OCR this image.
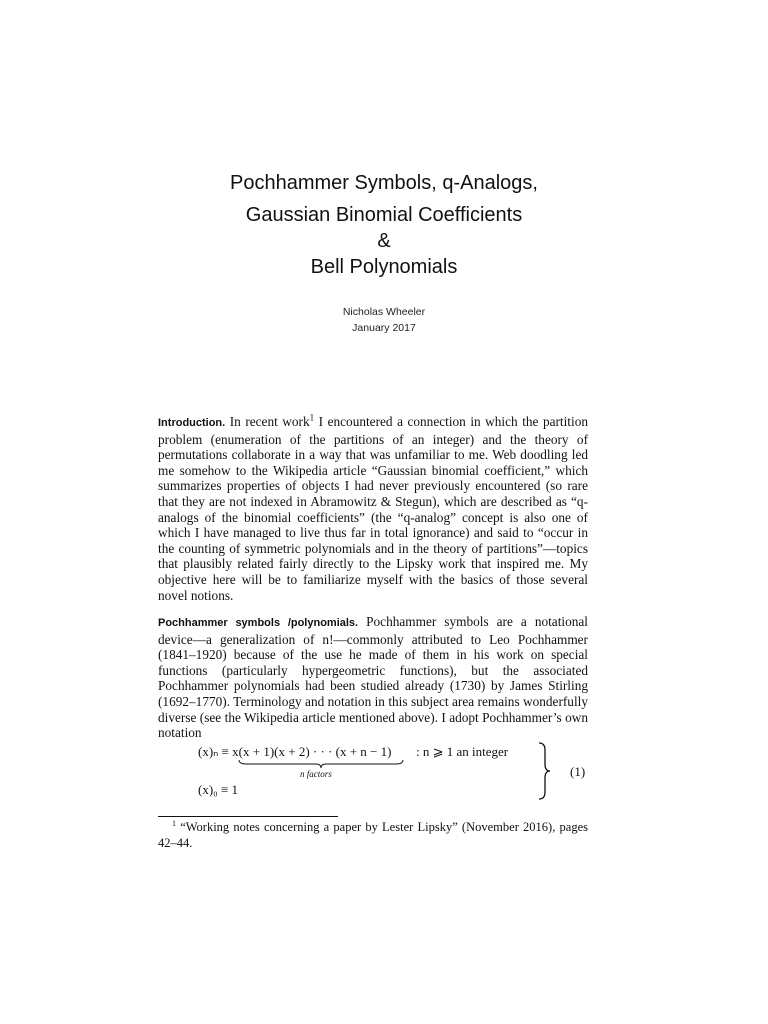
Pochhammer Symbols, q-Analogs,
Gaussian Binomial Coefficients
&
Bell Polynomials
Nicholas Wheeler
January 2017
Introduction. In recent work$^1$ I encountered a connection in which the partition problem (enumeration of the partitions of an integer) and the theory of permutations collaborate in a way that was unfamiliar to me. Web doodling led me somehow to the Wikipedia article “Gaussian binomial coefficient,” which summarizes properties of objects I had never previously encountered (so rare that they are not indexed in Abramowitz & Stegun), which are described as “q-analogs of the binomial coefficients” (the “q-analog” concept is also one of which I have managed to live thus far in total ignorance) and said to “occur in the counting of symmetric polynomials and in the theory of partitions”—topics that plausibly related fairly directly to the Lipsky work that inspired me. My objective here will be to familiarize myself with the basics of those several novel notions.
Pochhammer symbols /polynomials. Pochhammer symbols are a notational device—a generalization of n!—commonly attributed to Leo Pochhammer (1841–1920) because of the use he made of them in his work on special functions (particularly hypergeometric functions), but the associated Pochhammer polynomials had been studied already (1730) by James Stirling (1692–1770). Terminology and notation in this subject area remains wonderfully diverse (see the Wikipedia article mentioned above). I adopt Pochhammer’s own notation
(x)ₙ ≡ x(x + 1)(x + 2) · · · (x + n − 1)
n factors
: n ⩾ 1 an integer
(x)₀ ≡ 1
(1)
$^1$ “Working notes concerning a paper by Lester Lipsky” (November 2016), pages 42–44.
